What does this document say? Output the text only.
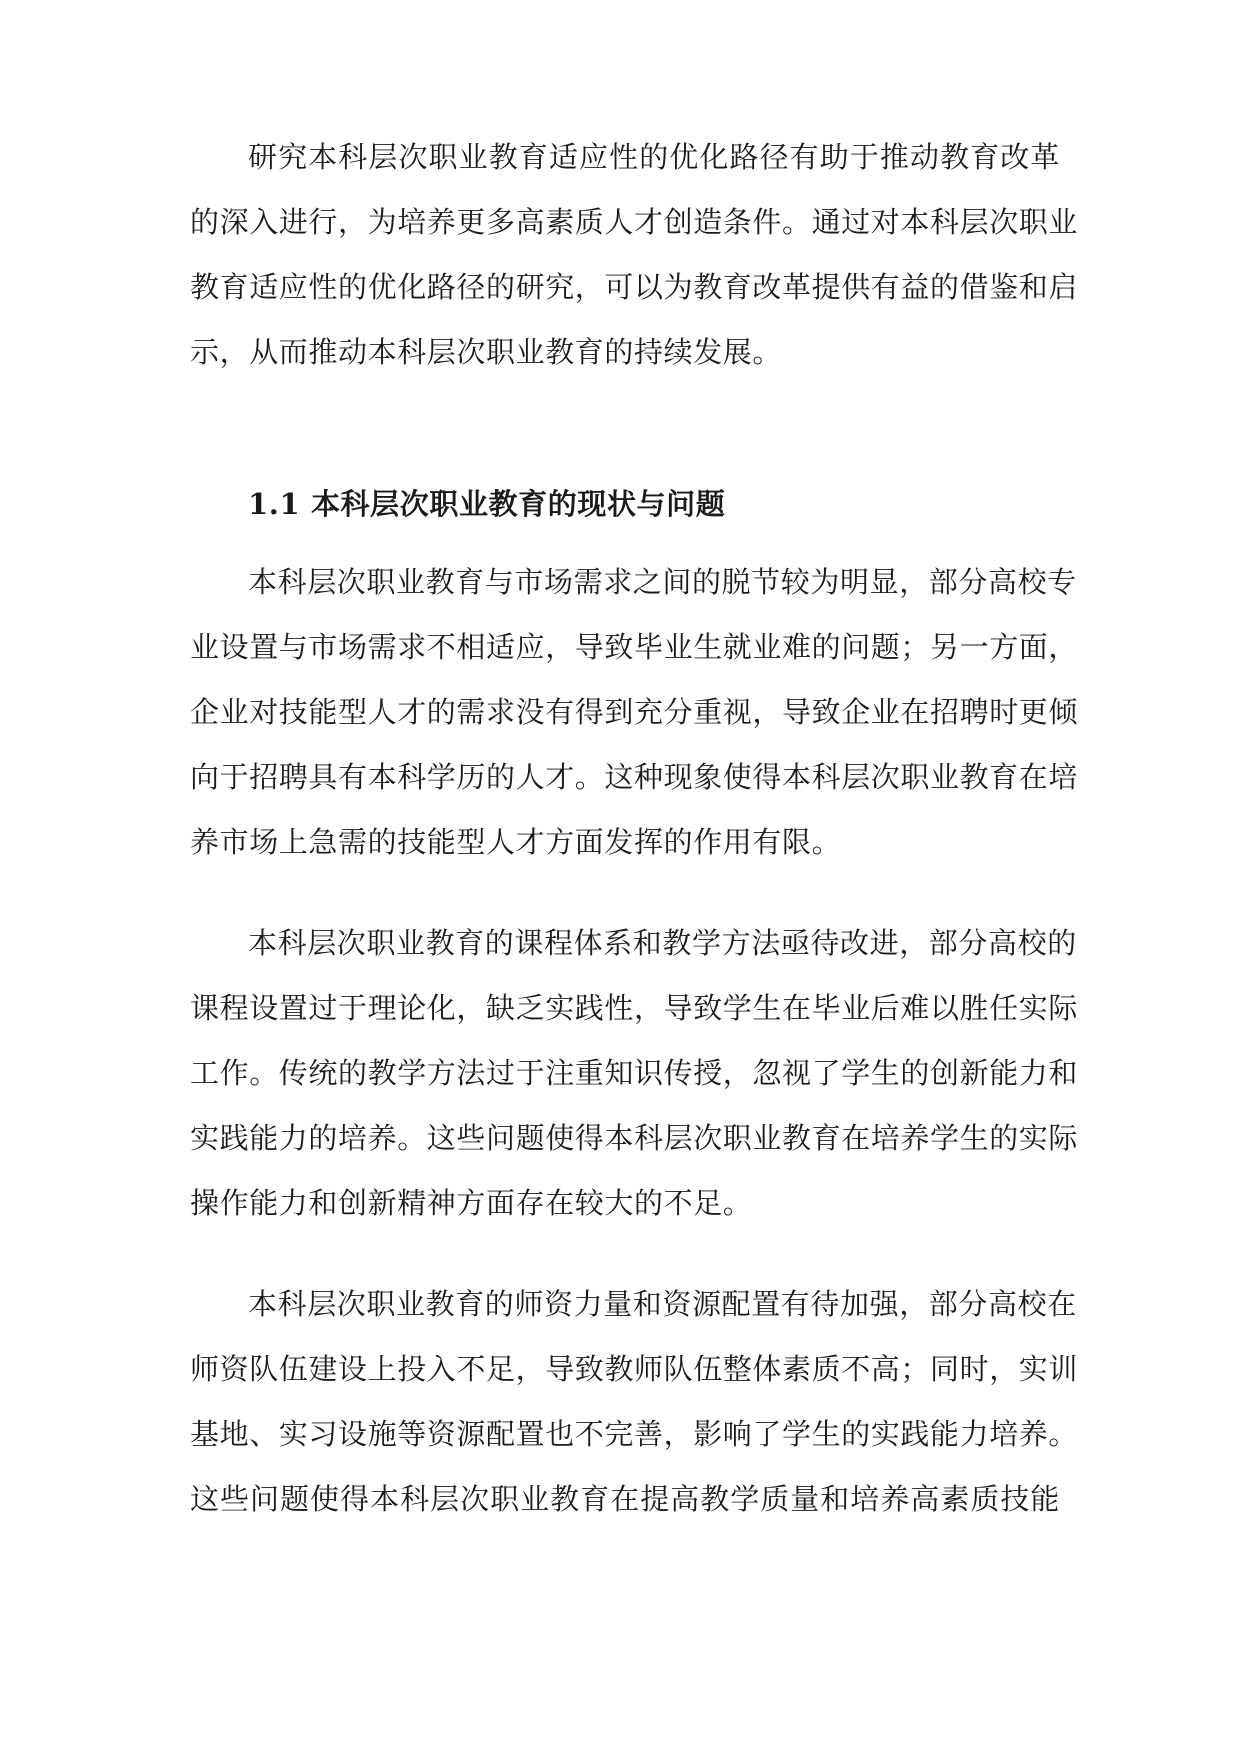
研究本科层次职业教育适应性的优化路径有助于推动教育改革
的深入进行，为培养更多高素质人才创造条件。通过对本科层次职业
教育适应性的优化路径的研究，可以为教育改革提供有益的借鉴和启
示，从而推动本科层次职业教育的持续发展。
1.1 本科层次职业教育的现状与问题
本科层次职业教育与市场需求之间的脱节较为明显，部分高校专
业设置与市场需求不相适应，导致毕业生就业难的问题；另一方面，
企业对技能型人才的需求没有得到充分重视，导致企业在招聘时更倾
向于招聘具有本科学历的人才。这种现象使得本科层次职业教育在培
养市场上急需的技能型人才方面发挥的作用有限。
本科层次职业教育的课程体系和教学方法亟待改进，部分高校的
课程设置过于理论化，缺乏实践性，导致学生在毕业后难以胜任实际
工作。传统的教学方法过于注重知识传授，忽视了学生的创新能力和
实践能力的培养。这些问题使得本科层次职业教育在培养学生的实际
操作能力和创新精神方面存在较大的不足。
本科层次职业教育的师资力量和资源配置有待加强，部分高校在
师资队伍建设上投入不足，导致教师队伍整体素质不高；同时，实训
基地、实习设施等资源配置也不完善，影响了学生的实践能力培养。
这些问题使得本科层次职业教育在提高教学质量和培养高素质技能
